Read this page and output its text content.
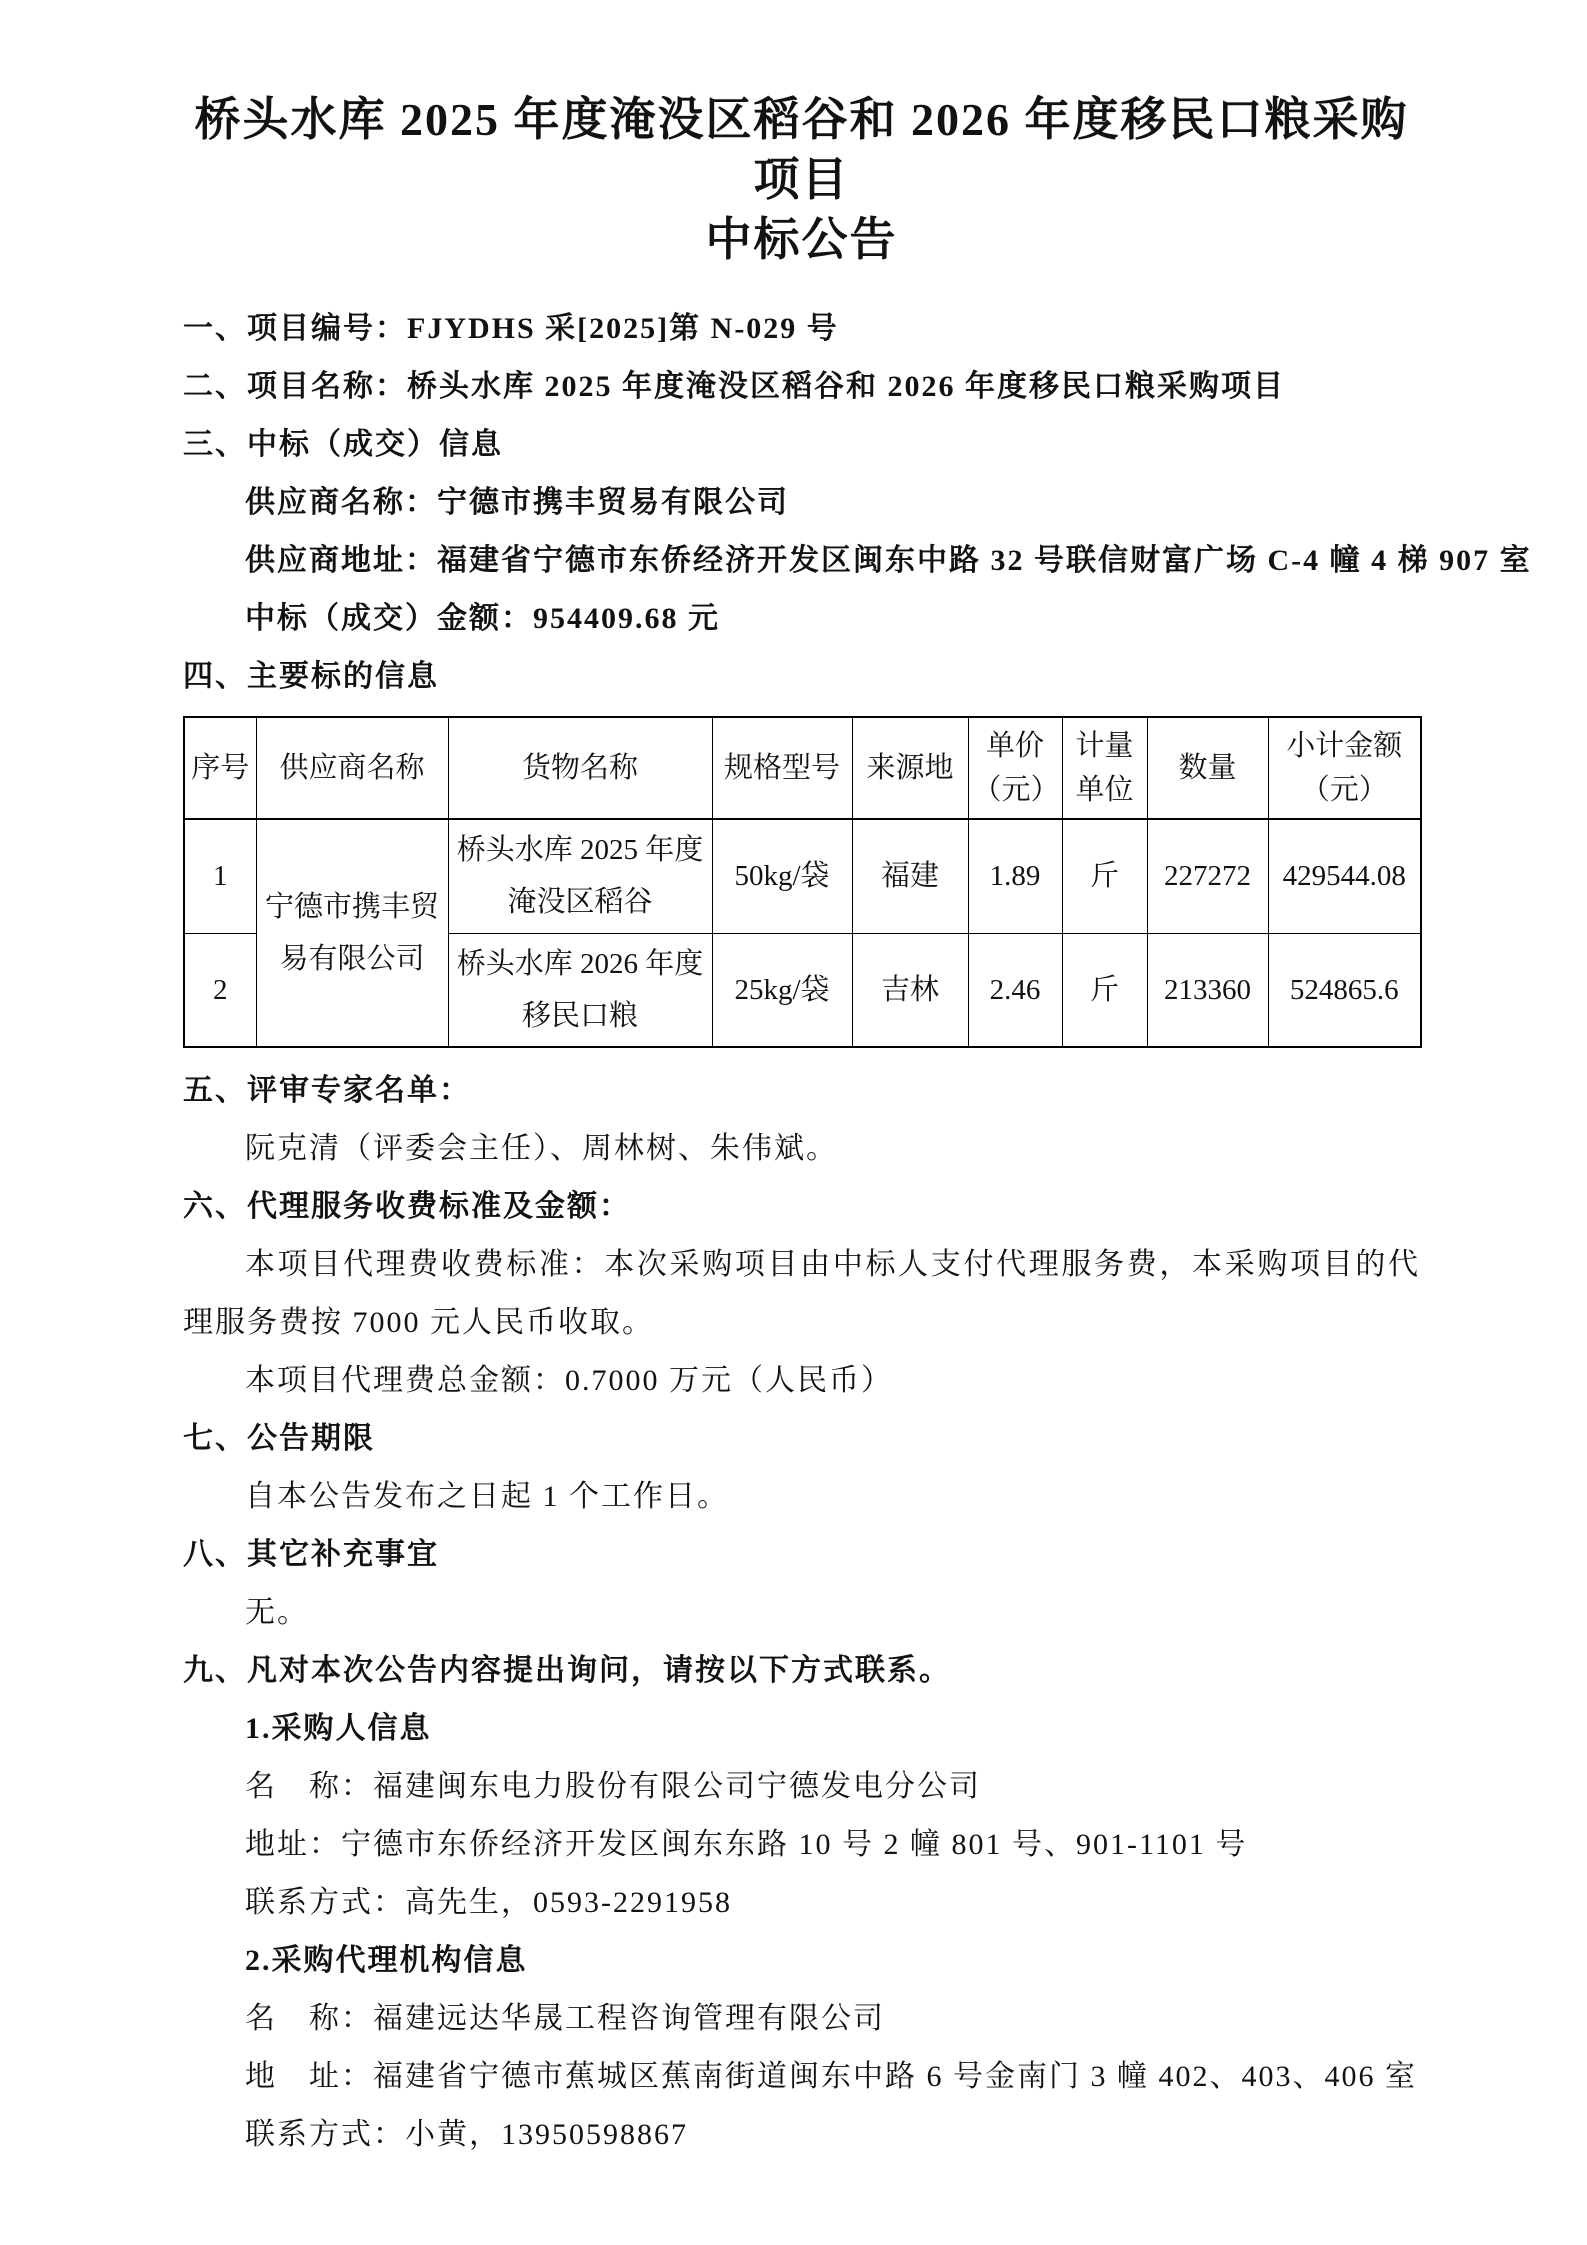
桥头水库 2025 年度淹没区稻谷和 2026 年度移民口粮采购项目
中标公告

一、项目编号：FJYDHS 采[2025]第 N-029 号

二、项目名称：桥头水库 2025 年度淹没区稻谷和 2026 年度移民口粮采购项目

三、中标（成交）信息

供应商名称：宁德市携丰贸易有限公司

供应商地址：福建省宁德市东侨经济开发区闽东中路 32 号联信财富广场 C-4 幢 4 梯 907 室

中标（成交）金额：954409.68 元

四、主要标的信息

序号	供应商名称	货物名称	规格型号	来源地	单价（元）	计量单位	数量	小计金额（元）
1	宁德市携丰贸易有限公司	桥头水库 2025 年度淹没区稻谷	50kg/袋	福建	1.89	斤	227272	429544.08
2		桥头水库 2026 年度移民口粮	25kg/袋	吉林	2.46	斤	213360	524865.6

五、评审专家名单：

阮克清（评委会主任）、周林树、朱伟斌。

六、代理服务收费标准及金额：

本项目代理费收费标准：本次采购项目由中标人支付代理服务费，本采购项目的代理服务费按 7000 元人民币收取。

本项目代理费总金额：0.7000 万元（人民币）

七、公告期限

自本公告发布之日起 1 个工作日。

八、其它补充事宜

无。

九、凡对本次公告内容提出询问，请按以下方式联系。

1.采购人信息

名　称：福建闽东电力股份有限公司宁德发电分公司

地址：宁德市东侨经济开发区闽东东路 10 号 2 幢 801 号、901-1101 号

联系方式：高先生，0593-2291958

2.采购代理机构信息

名　称：福建远达华晟工程咨询管理有限公司

地　址：福建省宁德市蕉城区蕉南街道闽东中路 6 号金南门 3 幢 402、403、406 室

联系方式：小黄，13950598867
